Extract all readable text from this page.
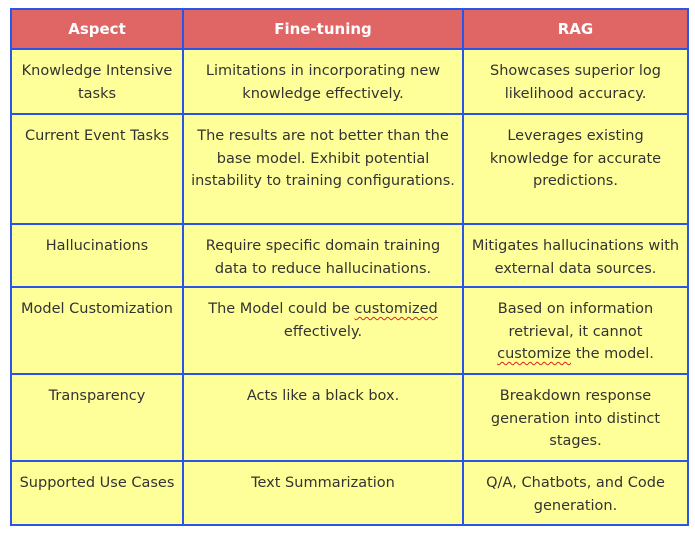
Aspect	Fine-tuning	RAG
Knowledge Intensive tasks	Limitations in incorporating new knowledge effectively.	Showcases superior log likelihood accuracy.
Current Event Tasks	The results are not better than the base model. Exhibit potential instability to training configurations.	Leverages existing knowledge for accurate predictions.
Hallucinations	Require specific domain training data to reduce hallucinations.	Mitigates hallucinations with external data sources.
Model Customization	The Model could be customized effectively.	Based on information retrieval, it cannot customize the model.
Transparency	Acts like a black box.	Breakdown response generation into distinct stages.
Supported Use Cases	Text Summarization	Q/A, Chatbots, and Code generation.
